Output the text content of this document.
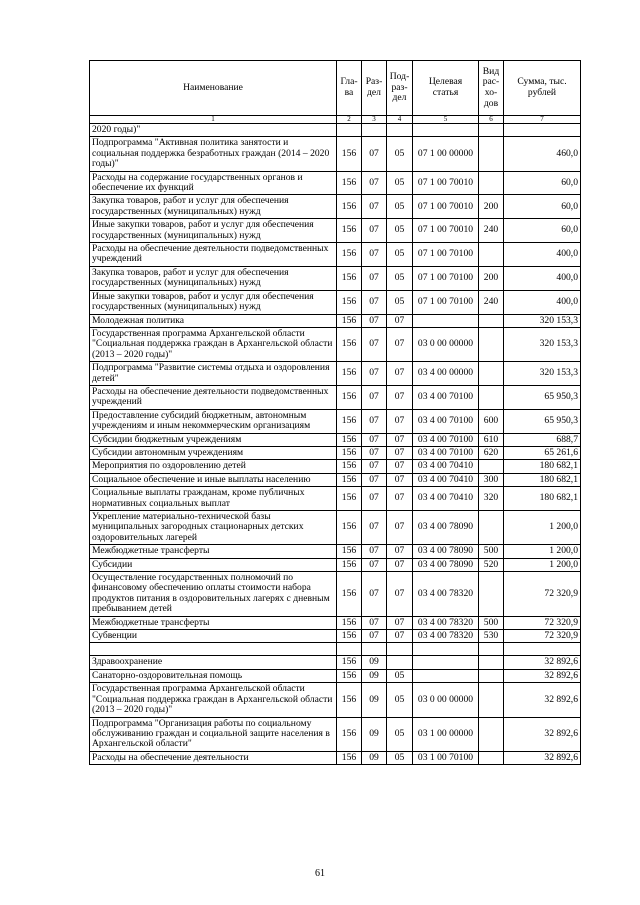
Наименование	Гла-ва	Раз-дел	Под-раз-дел	Целевая статья	Вид рас-хо-дов	Сумма, тыс. рублей
1	2	3	4	5	6	7
2020 годы)"						
Подпрограмма "Активная политика занятости и социальная поддержка безработных граждан (2014 – 2020 годы)"	156	07	05	07 1 00 00000		460,0
Расходы на содержание государственных органов и обеспечение их функций	156	07	05	07 1 00 70010		60,0
Закупка товаров, работ и услуг для обеспечения государственных (муниципальных) нужд	156	07	05	07 1 00 70010	200	60,0
Иные закупки товаров, работ и услуг для обеспечения государственных (муниципальных) нужд	156	07	05	07 1 00 70010	240	60,0
Расходы на обеспечение деятельности подведомственных учреждений	156	07	05	07 1 00 70100		400,0
Закупка товаров, работ и услуг для обеспечения государственных (муниципальных) нужд	156	07	05	07 1 00 70100	200	400,0
Иные закупки товаров, работ и услуг для обеспечения государственных (муниципальных) нужд	156	07	05	07 1 00 70100	240	400,0
Молодежная политика	156	07	07			320 153,3
Государственная программа Архангельской области "Социальная поддержка граждан в Архангельской области (2013 – 2020 годы)"	156	07	07	03 0 00 00000		320 153,3
Подпрограмма "Развитие системы отдыха и оздоровления детей"	156	07	07	03 4 00 00000		320 153,3
Расходы на обеспечение деятельности подведомственных учреждений	156	07	07	03 4 00 70100		65 950,3
Предоставление субсидий бюджетным, автономным учреждениям и иным некоммерческим организациям	156	07	07	03 4 00 70100	600	65 950,3
Субсидии бюджетным учреждениям	156	07	07	03 4 00 70100	610	688,7
Субсидии автономным учреждениям	156	07	07	03 4 00 70100	620	65 261,6
Мероприятия по оздоровлению детей	156	07	07	03 4 00 70410		180 682,1
Социальное обеспечение и иные выплаты населению	156	07	07	03 4 00 70410	300	180 682,1
Социальные выплаты гражданам, кроме публичных нормативных социальных выплат	156	07	07	03 4 00 70410	320	180 682,1
Укрепление материально-технической базы муниципальных загородных стационарных детских оздоровительных лагерей	156	07	07	03 4 00 78090		1 200,0
Межбюджетные трансферты	156	07	07	03 4 00 78090	500	1 200,0
Субсидии	156	07	07	03 4 00 78090	520	1 200,0
Осуществление государственных полномочий по финансовому обеспечению оплаты стоимости набора продуктов питания в оздоровительных лагерях с дневным пребыванием детей	156	07	07	03 4 00 78320		72 320,9
Межбюджетные трансферты	156	07	07	03 4 00 78320	500	72 320,9
Субвенции	156	07	07	03 4 00 78320	530	72 320,9

Здравоохранение	156	09				32 892,6
Санаторно-оздоровительная помощь	156	09	05			32 892,6
Государственная программа Архангельской области "Социальная поддержка граждан в Архангельской области (2013 – 2020 годы)"	156	09	05	03 0 00 00000		32 892,6
Подпрограмма "Организация работы по социальному обслуживанию граждан и социальной защите населения в Архангельской области"	156	09	05	03 1 00 00000		32 892,6
Расходы на обеспечение деятельности	156	09	05	03 1 00 70100		32 892,6
61
